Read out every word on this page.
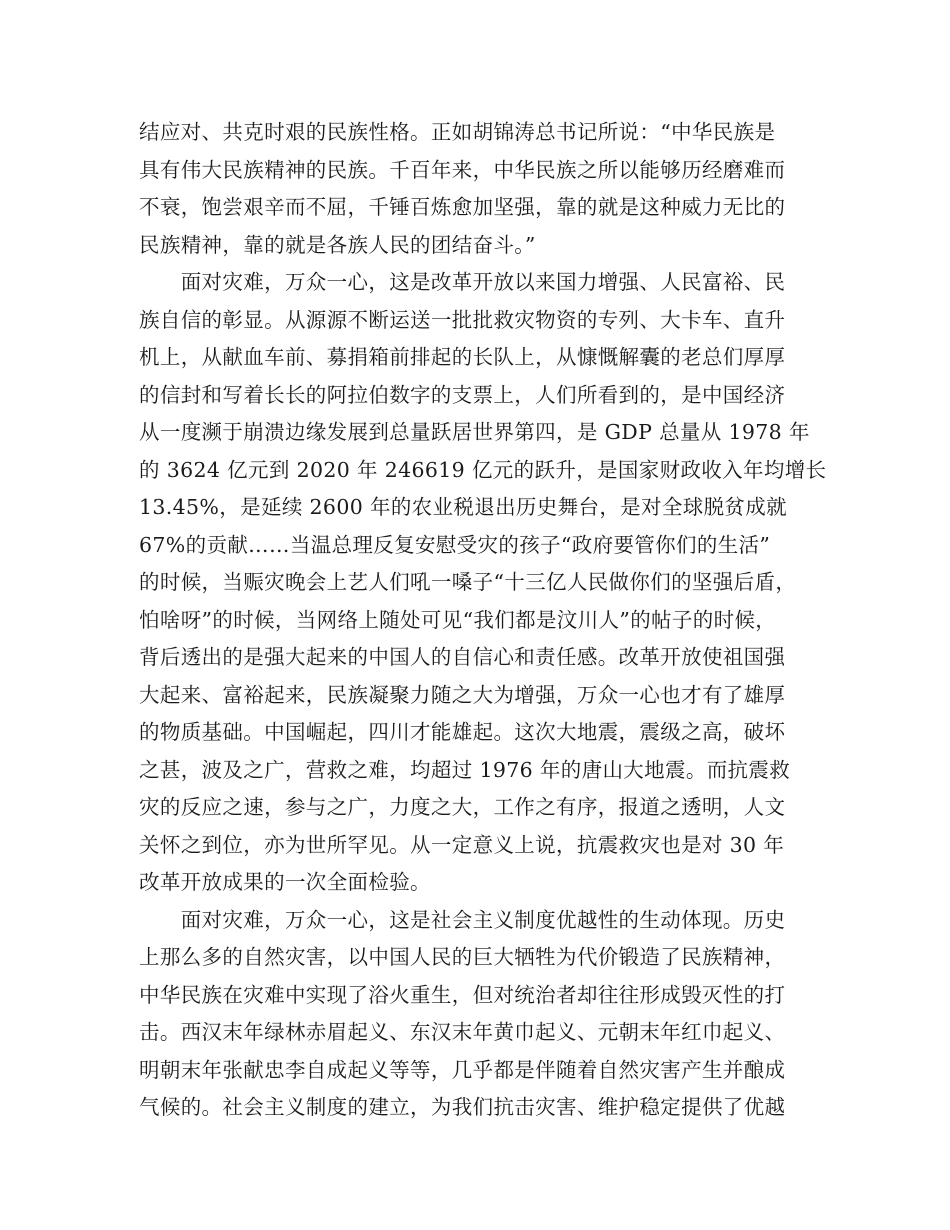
结应对、共克时艰的民族性格。正如胡锦涛总书记所说：“中华民族是
具有伟大民族精神的民族。千百年来，中华民族之所以能够历经磨难而
不衰，饱尝艰辛而不屈，千锤百炼愈加坚强，靠的就是这种威力无比的
民族精神，靠的就是各族人民的团结奋斗。”
　　面对灾难，万众一心，这是改革开放以来国力增强、人民富裕、民
族自信的彰显。从源源不断运送一批批救灾物资的专列、大卡车、直升
机上，从献血车前、募捐箱前排起的长队上，从慷慨解囊的老总们厚厚
的信封和写着长长的阿拉伯数字的支票上，人们所看到的，是中国经济
从一度濒于崩溃边缘发展到总量跃居世界第四，是 GDP 总量从 1978 年
的 3624 亿元到 2020 年 246619 亿元的跃升，是国家财政收入年均增长
13.45%，是延续 2600 年的农业税退出历史舞台，是对全球脱贫成就
67%的贡献……当温总理反复安慰受灾的孩子“政府要管你们的生活”
的时候，当赈灾晚会上艺人们吼一嗓子“十三亿人民做你们的坚强后盾，
怕啥呀”的时候，当网络上随处可见“我们都是汶川人”的帖子的时候，
背后透出的是强大起来的中国人的自信心和责任感。改革开放使祖国强
大起来、富裕起来，民族凝聚力随之大为增强，万众一心也才有了雄厚
的物质基础。中国崛起，四川才能雄起。这次大地震，震级之高，破坏
之甚，波及之广，营救之难，均超过 1976 年的唐山大地震。而抗震救
灾的反应之速，参与之广，力度之大，工作之有序，报道之透明，人文
关怀之到位，亦为世所罕见。从一定意义上说，抗震救灾也是对 30 年
改革开放成果的一次全面检验。
　　面对灾难，万众一心，这是社会主义制度优越性的生动体现。历史
上那么多的自然灾害，以中国人民的巨大牺牲为代价锻造了民族精神，
中华民族在灾难中实现了浴火重生，但对统治者却往往形成毁灭性的打
击。西汉末年绿林赤眉起义、东汉末年黄巾起义、元朝末年红巾起义、
明朝末年张献忠李自成起义等等，几乎都是伴随着自然灾害产生并酿成
气候的。社会主义制度的建立，为我们抗击灾害、维护稳定提供了优越
